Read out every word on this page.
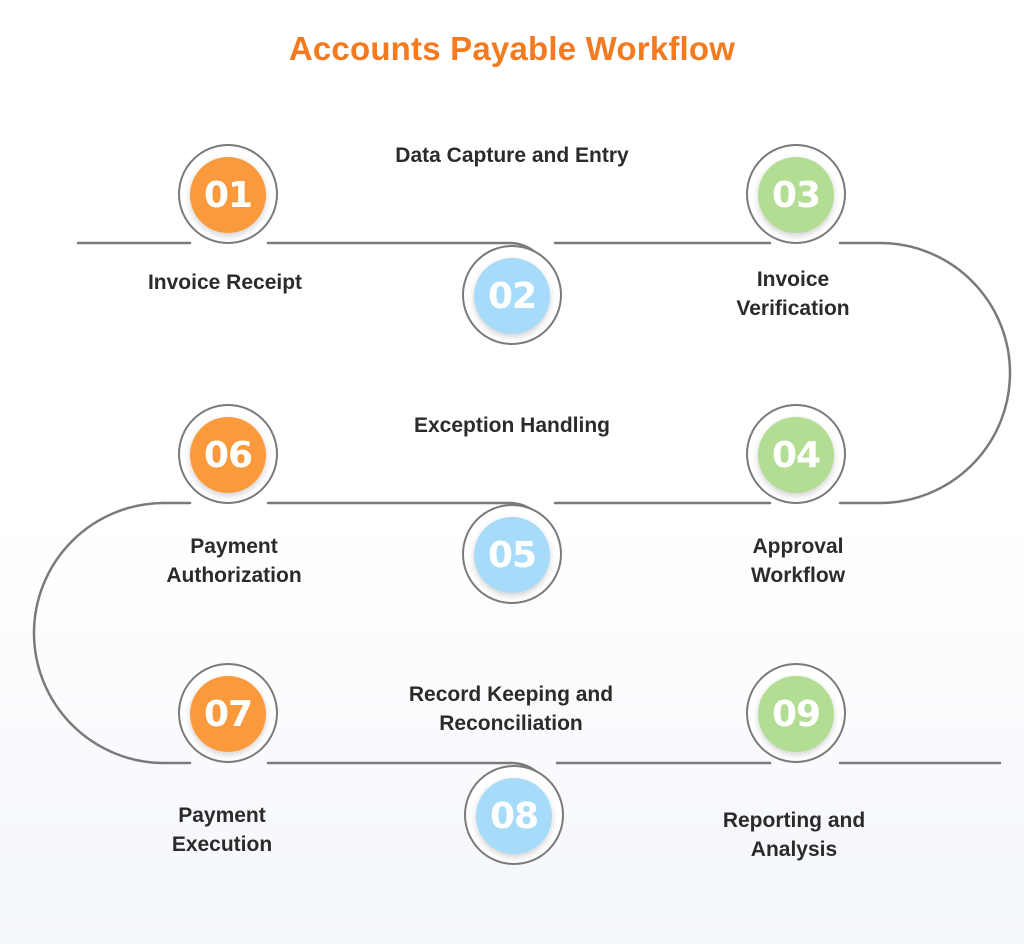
Accounts Payable Workflow
01
02
03
04
05
06
07
08
09
Invoice Receipt
Data Capture and Entry
Invoice Verification
Approval Workflow
Exception Handling
Payment Authorization
Payment Execution
Record Keeping and Reconciliation
Reporting and Analysis
